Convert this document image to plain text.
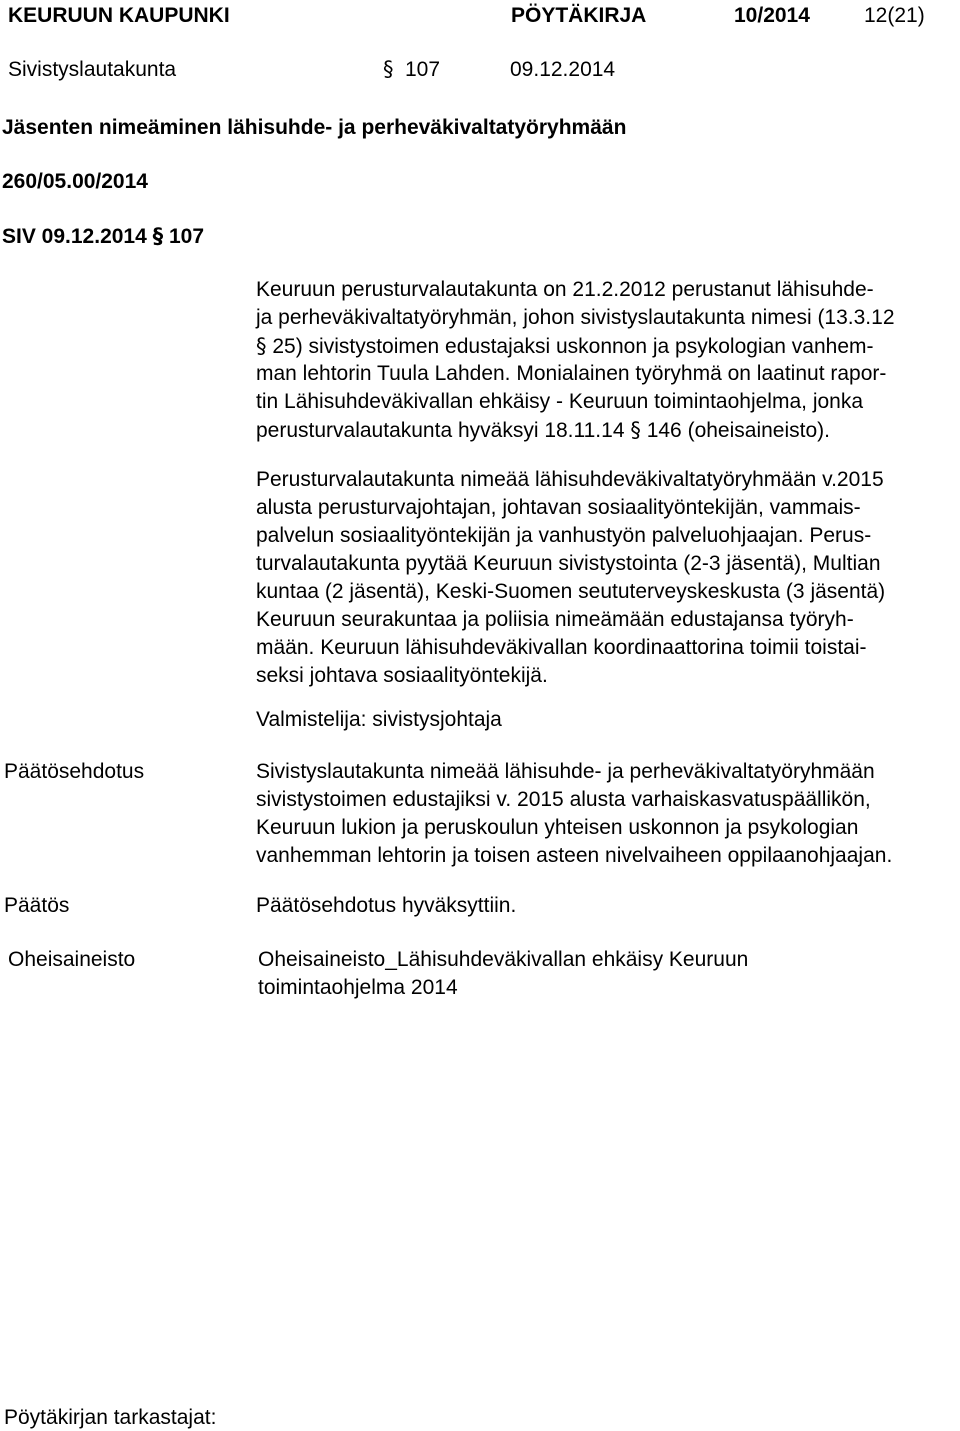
KEURUUN KAUPUNKI	PÖYTÄKIRJA	10/2014	12(21)
Sivistyslautakunta	§ 107	09.12.2014
Jäsenten nimeäminen lähisuhde- ja perheväkivaltatyöryhmään
260/05.00/2014
SIV 09.12.2014 § 107
Keuruun perusturvalautakunta on 21.2.2012 perustanut lähisuhde-
ja perheväkivaltatyöryhmän, johon sivistyslautakunta nimesi (13.3.12
§ 25) sivistystoimen edustajaksi uskonnon ja psykologian vanhem-
man lehtorin Tuula Lahden. Monialainen työryhmä on laatinut rapor-
tin Lähisuhdeväkivallan ehkäisy - Keuruun toimintaohjelma, jonka
perusturvalautakunta hyväksyi 18.11.14 § 146 (oheisaineisto).
Perusturvalautakunta nimeää lähisuhdeväkivaltatyöryhmään v.2015
alusta perusturvajohtajan, johtavan sosiaalityöntekijän, vammais-
palvelun sosiaalityöntekijän ja vanhustyön palveluohjaajan. Perus-
turvalautakunta pyytää Keuruun sivistystointa (2-3 jäsentä), Multian
kuntaa (2 jäsentä), Keski-Suomen seututerveyskeskusta (3 jäsentä)
Keuruun seurakuntaa ja poliisia nimeämään edustajansa työryh-
mään. Keuruun lähisuhdeväkivallan koordinaattorina toimii toistai-
seksi johtava sosiaalityöntekijä.
Valmistelija: sivistysjohtaja
Päätösehdotus	Sivistyslautakunta nimeää lähisuhde- ja perheväkivaltatyöryhmään
sivistystoimen edustajiksi v. 2015 alusta varhaiskasvatuspäällikön,
Keuruun lukion ja peruskoulun yhteisen uskonnon ja psykologian
vanhemman lehtorin ja toisen asteen nivelvaiheen oppilaanohjaajan.
Päätös	Päätösehdotus hyväksyttiin.
Oheisaineisto	Oheisaineisto_Lähisuhdeväkivallan ehkäisy Keuruun
toimintaohjelma 2014
Pöytäkirjan tarkastajat:
